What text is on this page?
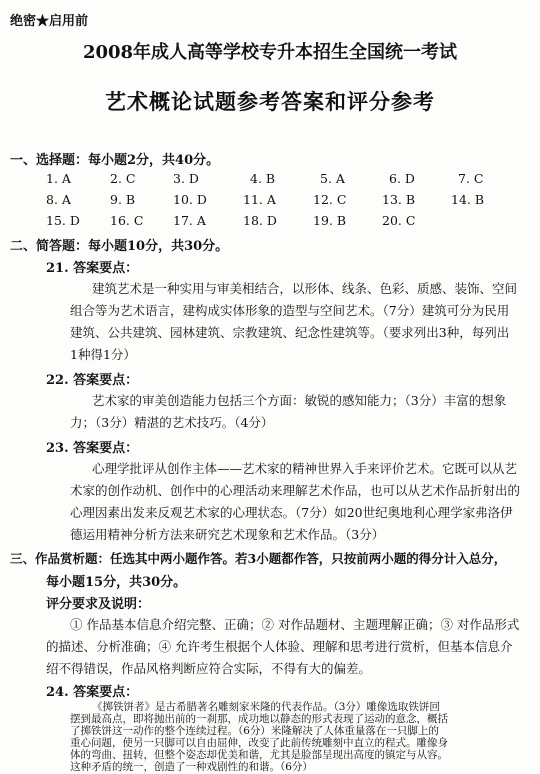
绝密★启用前
2008年成人高等学校专升本招生全国统一考试
艺术概论试题参考答案和评分参考
一、选择题：每小题2分，共40分。
1. A	2. C	3. D	4. B	5. A	6. D	7. C
8. A	9. B	10. D	11. A	12. C	13. B	14. B
15. D 16. C 17. A	18. D	19. B	20. C
二、简答题：每小题10分，共30分。
21. 答案要点：
建筑艺术是一种实用与审美相结合，以形体、线条、色彩、质感、装饰、空间
组合等为艺术语言，建构成实体形象的造型与空间艺术。（7分）建筑可分为民用
建筑、公共建筑、园林建筑、宗教建筑、纪念性建筑等。（要求列出3种，每列出
1种得1分）
22. 答案要点：
艺术家的审美创造能力包括三个方面：敏锐的感知能力；（3分）丰富的想象
力；（3分）精湛的艺术技巧。（4分）
23. 答案要点：
心理学批评从创作主体——艺术家的精神世界入手来评价艺术。它既可以从艺
术家的创作动机、创作中的心理活动来理解艺术作品，也可以从艺术作品折射出的
心理因素出发来反观艺术家的心理状态。（7分）如20世纪奥地利心理学家弗洛伊
德运用精神分析方法来研究艺术现象和艺术作品。（3分）
三、作品赏析题：任选其中两小题作答。若3小题都作答，只按前两小题的得分计入总分，
每小题15分，共30分。
评分要求及说明：
① 作品基本信息介绍完整、正确；② 对作品题材、主题理解正确；③ 对作品形式
的描述、分析准确；④ 允许考生根据个人体验、理解和思考进行赏析，但基本信息介
绍不得错误，作品风格判断应符合实际，不得有大的偏差。
24. 答案要点：
《掷铁饼者》是古希腊著名雕刻家米隆的代表作品。（3分）雕像选取铁饼回
摆到最高点，即将抛出前的一刹那，成功地以静态的形式表现了运动的意念，概括
了掷铁饼这一动作的整个连续过程。（6分）米隆解决了人体重量落在一只脚上的
重心问题，使另一只脚可以自由屈伸，改变了此前传统雕刻中直立的程式。雕像身
体的弯曲、扭转，但整个姿态却优美和谐，尤其是脸部呈现出高度的镇定与从容。
这种矛盾的统一，创造了一种戏剧性的和谐。（6分）
